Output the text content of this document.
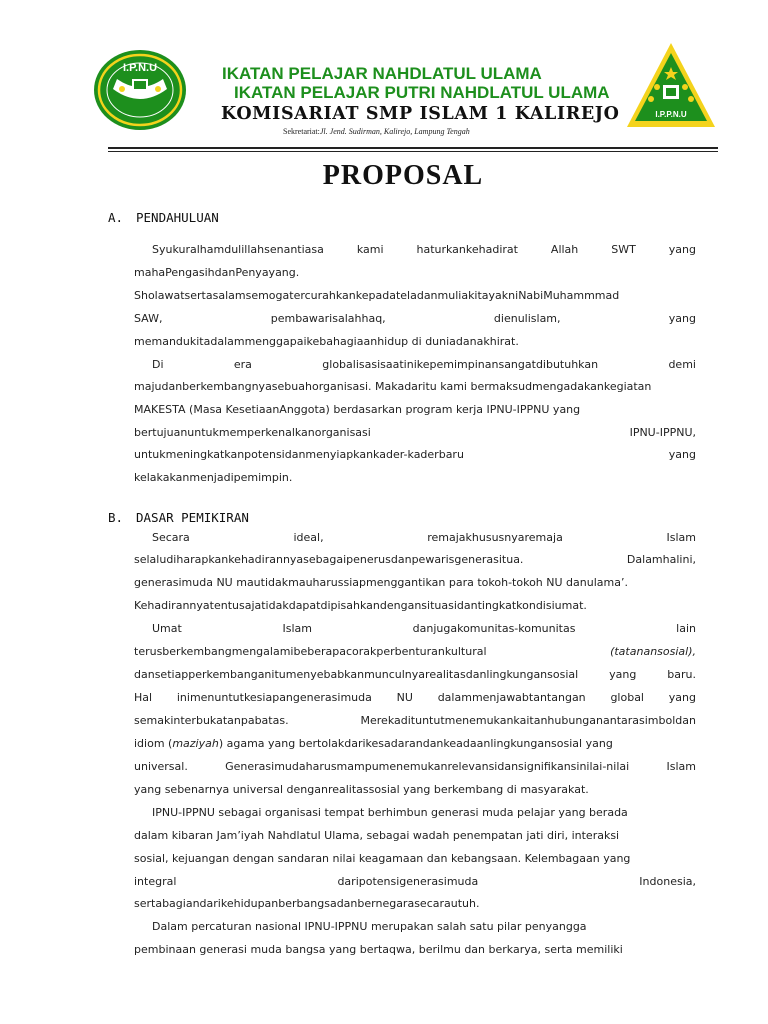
I.P.N.U
I.P.P.N.U
IKATAN PELAJAR NAHDLATUL ULAMA
IKATAN PELAJAR PUTRI NAHDLATUL ULAMA
KOMISARIAT SMP ISLAM 1 KALIREJO
Sekretariat:Jl. Jend. Sudirman, Kalirejo, Lampung Tengah
PROPOSAL
A. PENDAHULUAN
B. DASAR PEMIKIRAN
Syukuralhamdulillahsenantiasa	kami	haturkankehadirat	Allah	SWT	yang
mahaPengasihdanPenyayang.
SholawatsertasalamsemogatercurahkankepadateladanmuliakitayakniNabiMuhammmad
SAW,	pembawarisalahhaq,	dienulislam,	yang
memandukitadalammenggapaikebahagiaanhidup di duniadanakhirat.
Di	era	globalisasisaatinikepemimpinansangatdibutuhkan	demi
majudanberkembangnyasebuahorganisasi. Makadaritu kami bermaksudmengadakankegiatan
MAKESTA (Masa KesetiaanAnggota) berdasarkan program kerja IPNU-IPPNU yang
bertujuanuntukmemperkenalkanorganisasi	IPNU-IPPNU,
untukmeningkatkanpotensidanmenyiapkankader-kaderbaru	yang
kelakakanmenjadipemimpin.
Secara	ideal,	remajakhususnyaremaja	Islam
selaludiharapkankehadirannyasebagaipenerusdanpewarisgenerasitua.	Dalamhalini,
generasimuda NU mautidakmauharussiapmenggantikan para tokoh-tokoh NU danulama’.
Kehadirannyatentusajatidakdapatdipisahkandengansituasidantingkatkondisiumat.
Umat	Islam	danjugakomunitas-komunitas	lain
terusberkembangmengalamibeberapacorakperbenturankultural	(tatanansosial),
dansetiapperkembanganitumenyebabkanmunculnyarealitasdanlingkungansosial	yang	baru.
Hal inimenuntutkesiapangenerasimuda NU dalammenjawabtantangan global yang
semakinterbukatanpabatas.	Merekadituntutmenemukankaitanhubunganantarasimboldan
idiom (maziyah) agama yang bertolakdarikesadarandankeadaanlingkungansosial yang
universal.	Generasimudaharusmampumenemukanrelevansidansignifikansinilai-nilai	Islam
yang sebenarnya universal denganrealitassosial yang berkembang di masyarakat.
IPNU-IPPNU sebagai organisasi tempat berhimbun generasi muda pelajar yang berada
dalam kibaran Jam’iyah Nahdlatul Ulama, sebagai wadah penempatan jati diri, interaksi
sosial, kejuangan dengan sandaran nilai keagamaan dan kebangsaan. Kelembagaan yang
integral	daripotensigenerasimuda	Indonesia,
sertabagiandarikehidupanberbangsadanbernegarasecarautuh.
Dalam percaturan nasional IPNU-IPPNU merupakan salah satu pilar penyangga
pembinaan generasi muda bangsa yang bertaqwa, berilmu dan berkarya, serta memiliki
